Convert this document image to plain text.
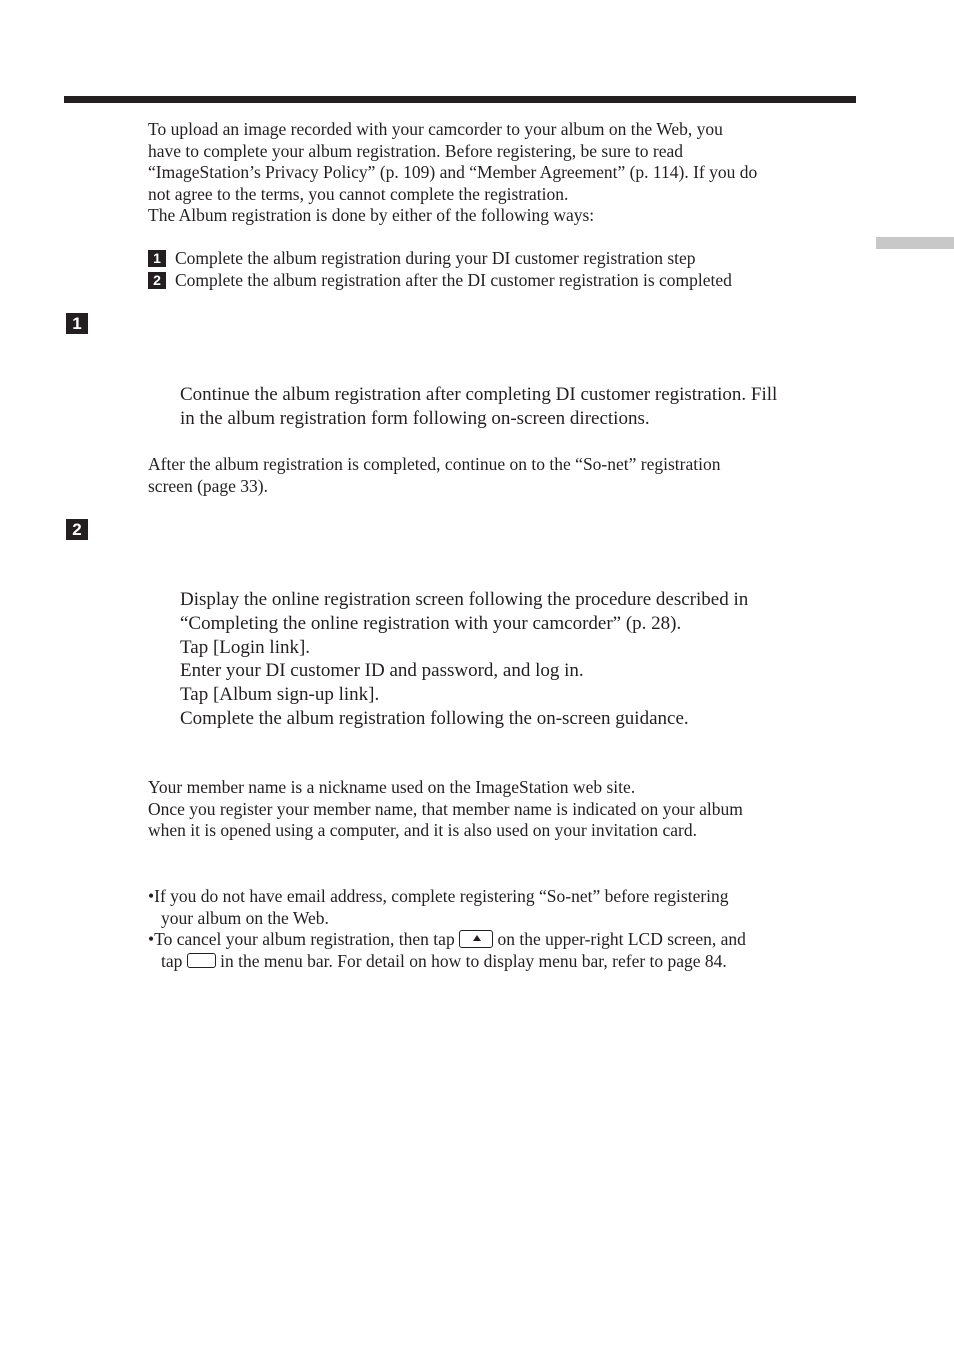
To upload an image recorded with your camcorder to your album on the Web, you
have to complete your album registration. Before registering, be sure to read
“ImageStation’s Privacy Policy” (p. 109) and “Member Agreement” (p. 114). If you do
not agree to the terms, you cannot complete the registration.
The Album registration is done by either of the following ways:
1 Complete the album registration during your DI customer registration step
2 Complete the album registration after the DI customer registration is completed
1
Continue the album registration after completing DI customer registration. Fill
in the album registration form following on-screen directions.
After the album registration is completed, continue on to the “So-net” registration
screen (page 33).
2
Display the online registration screen following the procedure described in
“Completing the online registration with your camcorder” (p. 28).
Tap [Login link].
Enter your DI customer ID and password, and log in.
Tap [Album sign-up link].
Complete the album registration following the on-screen guidance.
Your member name is a nickname used on the ImageStation web site.
Once you register your member name, that member name is indicated on your album
when it is opened using a computer, and it is also used on your invitation card.
•If you do not have email address, complete registering “So-net” before registering
your album on the Web.
•To cancel your album registration, then tap on the upper-right LCD screen, and
tap in the menu bar. For detail on how to display menu bar, refer to page 84.
